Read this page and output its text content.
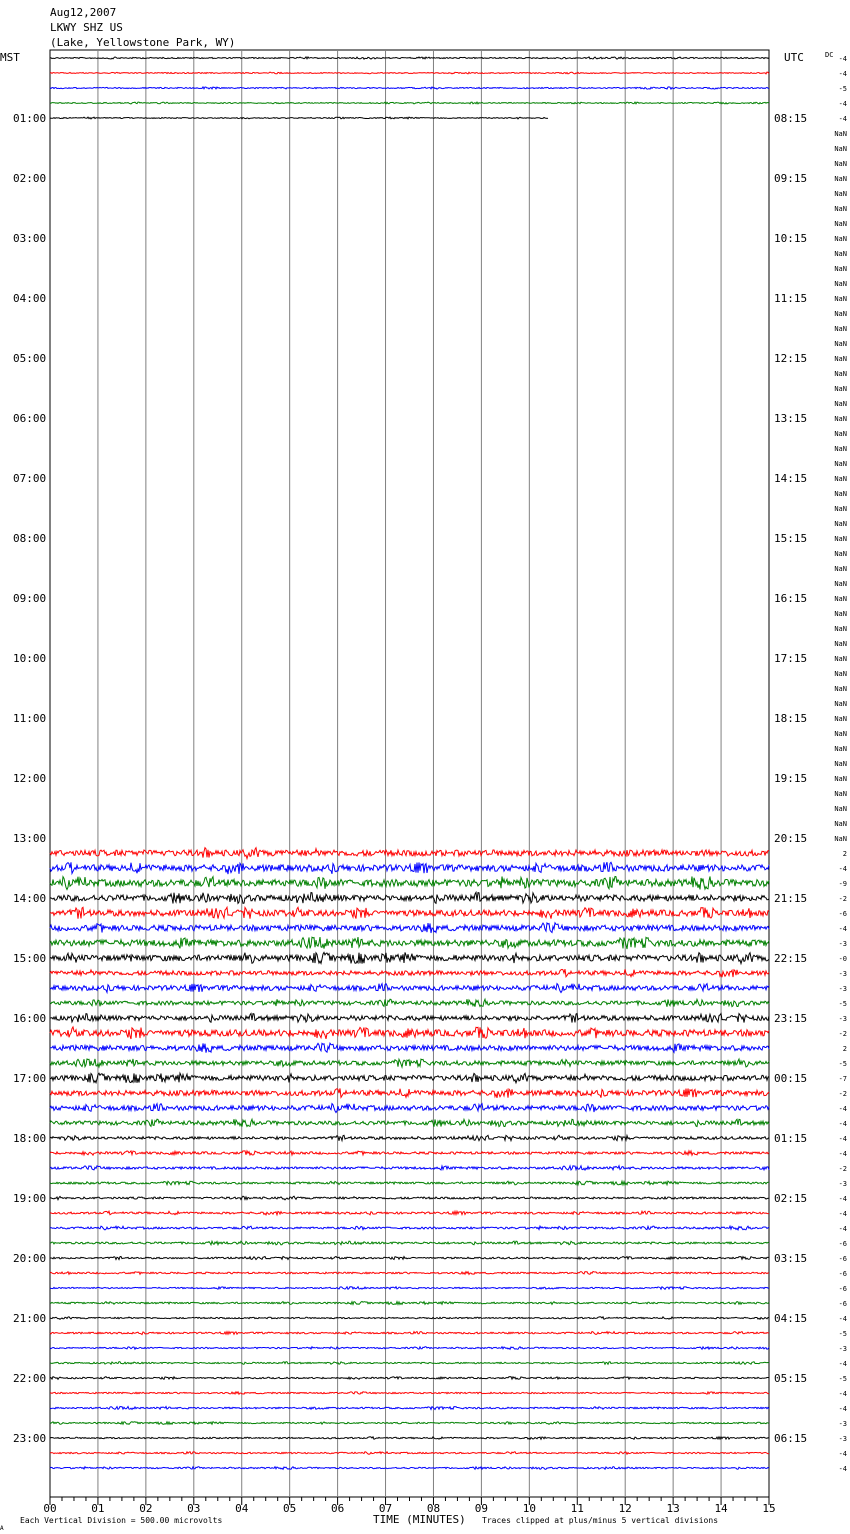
Aug12,2007
LKWY SHZ US
(Lake, Yellowstone Park, WY)
MST	UTC	DC
A
Each Vertical Division = 500.00 microvolts	TIME (MINUTES) Traces clipped at plus/minus 5 vertical divisions
00	01	02	03	04	05	06	07	08	09	10	11	12	13	14	15
01:00
02:00
03:00
04:00
05:00
06:00
07:00
08:00
09:00
10:00
11:00
12:00
13:00
14:00
15:00
16:00
17:00
18:00
19:00
20:00
21:00
22:00
23:00
08:15
09:15
10:15
11:15
12:15
13:15
14:15
15:15
16:15
17:15
18:15
19:15
20:15
21:15
22:15
23:15
00:15
01:15
02:15
03:15
04:15
05:15
06:15
-4
-4
-5
-4
-4
NaN
NaN
NaN
NaN
NaN
NaN
NaN
NaN
NaN
NaN
NaN
NaN
NaN
NaN
NaN
NaN
NaN
NaN
NaN
NaN
NaN
NaN
NaN
NaN
NaN
NaN
NaN
NaN
NaN
NaN
NaN
NaN
NaN
NaN
NaN
NaN
NaN
NaN
NaN
NaN
NaN
NaN
NaN
NaN
NaN
NaN
NaN
NaN
2
-4
-9
-2
-6
-4
-3
-0
-3
-3
-5
-3
-2
2
-5
-7
-2
-4
-4
-4
-4
-2
-3
-4
-4
-4
-6
-6
-6
-6
-6
-4
-5
-3
-4
-5
-4
-4
-3
-3
-4
-4
